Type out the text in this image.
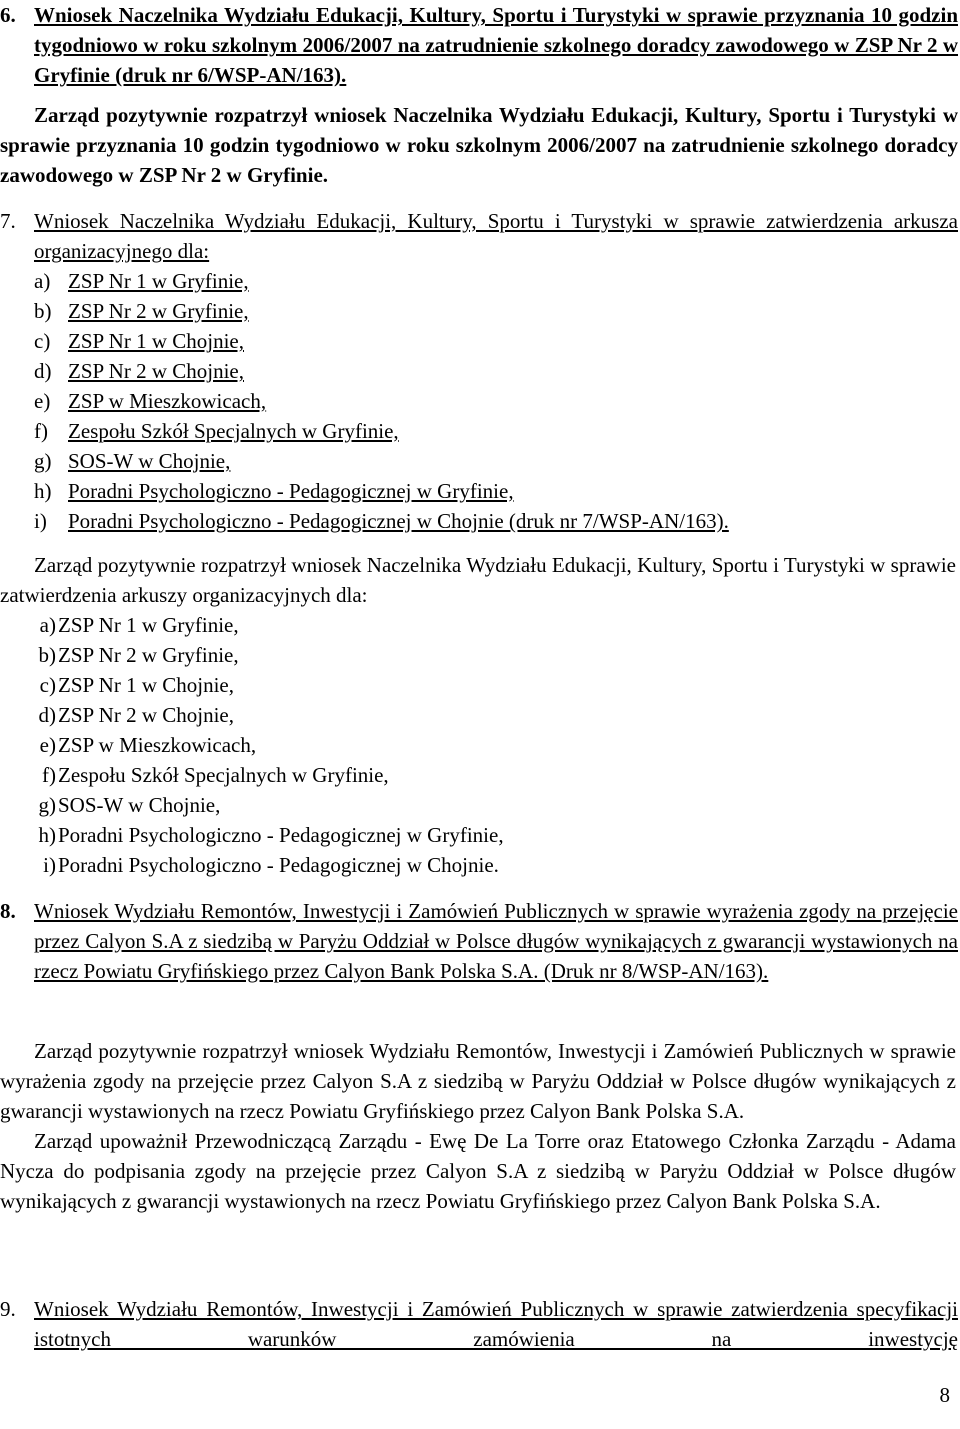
6. Wniosek Naczelnika Wydziału Edukacji, Kultury, Sportu i Turystyki w sprawie przyznania 10 godzin tygodniowo w roku szkolnym 2006/2007 na zatrudnienie szkolnego doradcy zawodowego w ZSP Nr 2 w Gryfinie (druk nr 6/WSP-AN/163).

Zarząd pozytywnie rozpatrzył wniosek Naczelnika Wydziału Edukacji, Kultury, Sportu i Turystyki w sprawie przyznania 10 godzin tygodniowo w roku szkolnym 2006/2007 na zatrudnienie szkolnego doradcy zawodowego w ZSP Nr 2 w Gryfinie.

7. Wniosek Naczelnika Wydziału Edukacji, Kultury, Sportu i Turystyki w sprawie zatwierdzenia arkusza organizacyjnego dla:
a) ZSP Nr 1 w Gryfinie,
b) ZSP Nr 2 w Gryfinie,
c) ZSP Nr 1 w Chojnie,
d) ZSP Nr 2 w Chojnie,
e) ZSP w Mieszkowicach,
f) Zespołu Szkół Specjalnych w Gryfinie,
g) SOS-W w Chojnie,
h) Poradni Psychologiczno - Pedagogicznej w Gryfinie,
i) Poradni Psychologiczno - Pedagogicznej w Chojnie (druk nr 7/WSP-AN/163).

Zarząd pozytywnie rozpatrzył wniosek Naczelnika Wydziału Edukacji, Kultury, Sportu i Turystyki w sprawie zatwierdzenia arkuszy organizacyjnych dla:

a)ZSP Nr 1 w Gryfinie,
b)ZSP Nr 2 w Gryfinie,
c)ZSP Nr 1 w Chojnie,
d)ZSP Nr 2 w Chojnie,
e)ZSP w Mieszkowicach,
f)Zespołu Szkół Specjalnych w Gryfinie,
g)SOS-W w Chojnie,
h)Poradni Psychologiczno - Pedagogicznej w Gryfinie,
i)Poradni Psychologiczno - Pedagogicznej w Chojnie.
8. Wniosek Wydziału Remontów, Inwestycji i Zamówień Publicznych w sprawie wyrażenia zgody na przejęcie przez Calyon S.A z siedzibą w Paryżu Oddział w Polsce długów wynikających z gwarancji wystawionych na rzecz Powiatu Gryfińskiego przez Calyon Bank Polska S.A. (Druk nr 8/WSP-AN/163).

Zarząd pozytywnie rozpatrzył wniosek Wydziału Remontów, Inwestycji i Zamówień Publicznych w sprawie wyrażenia zgody na przejęcie przez Calyon S.A z siedzibą w Paryżu Oddział w Polsce długów wynikających z gwarancji wystawionych na rzecz Powiatu Gryfińskiego przez Calyon Bank Polska S.A.

Zarząd upoważnił Przewodniczącą Zarządu - Ewę De La Torre oraz Etatowego Członka Zarządu - Adama Nycza do podpisania zgody na przejęcie przez Calyon S.A z siedzibą w Paryżu Oddział w Polsce długów wynikających z gwarancji wystawionych na rzecz Powiatu Gryfińskiego przez Calyon Bank Polska S.A.

9. Wniosek Wydziału Remontów, Inwestycji i Zamówień Publicznych w sprawie zatwierdzenia specyfikacji istotnych warunków zamówienia na inwestycję
8
